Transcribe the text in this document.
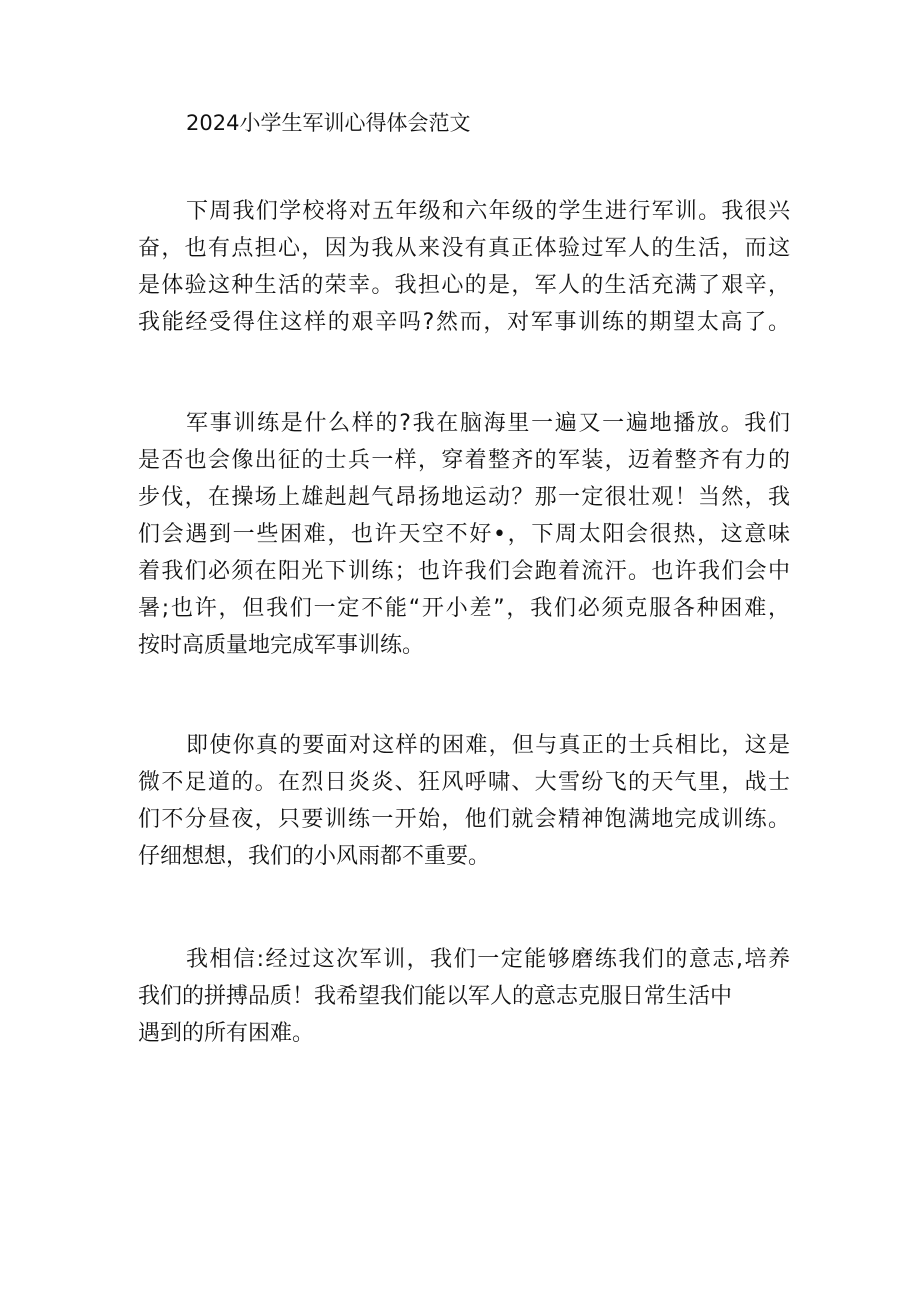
2024小学生军训心得体会范文
下周我们学校将对五年级和六年级的学生进行军训。我很兴
奋，也有点担心，因为我从来没有真正体验过军人的生活，而这
是体验这种生活的荣幸。我担心的是，军人的生活充满了艰辛，
我能经受得住这样的艰辛吗?然而，对军事训练的期望太高了。
军事训练是什么样的?我在脑海里一遍又一遍地播放。我们
是否也会像出征的士兵一样，穿着整齐的军装，迈着整齐有力的
步伐，在操场上雄赳赳气昂扬地运动？那一定很壮观！当然，我
们会遇到一些困难，也许天空不好•，下周太阳会很热，这意味
着我们必须在阳光下训练；也许我们会跑着流汗。也许我们会中
暑;也许，但我们一定不能“开小差”，我们必须克服各种困难，
按时高质量地完成军事训练。
即使你真的要面对这样的困难，但与真正的士兵相比，这是
微不足道的。在烈日炎炎、狂风呼啸、大雪纷飞的天气里，战士
们不分昼夜，只要训练一开始，他们就会精神饱满地完成训练。
仔细想想，我们的小风雨都不重要。
我相信:经过这次军训，我们一定能够磨练我们的意志,培养
我们的拼搏品质！我希望我们能以军人的意志克服日常生活中
遇到的所有困难。
